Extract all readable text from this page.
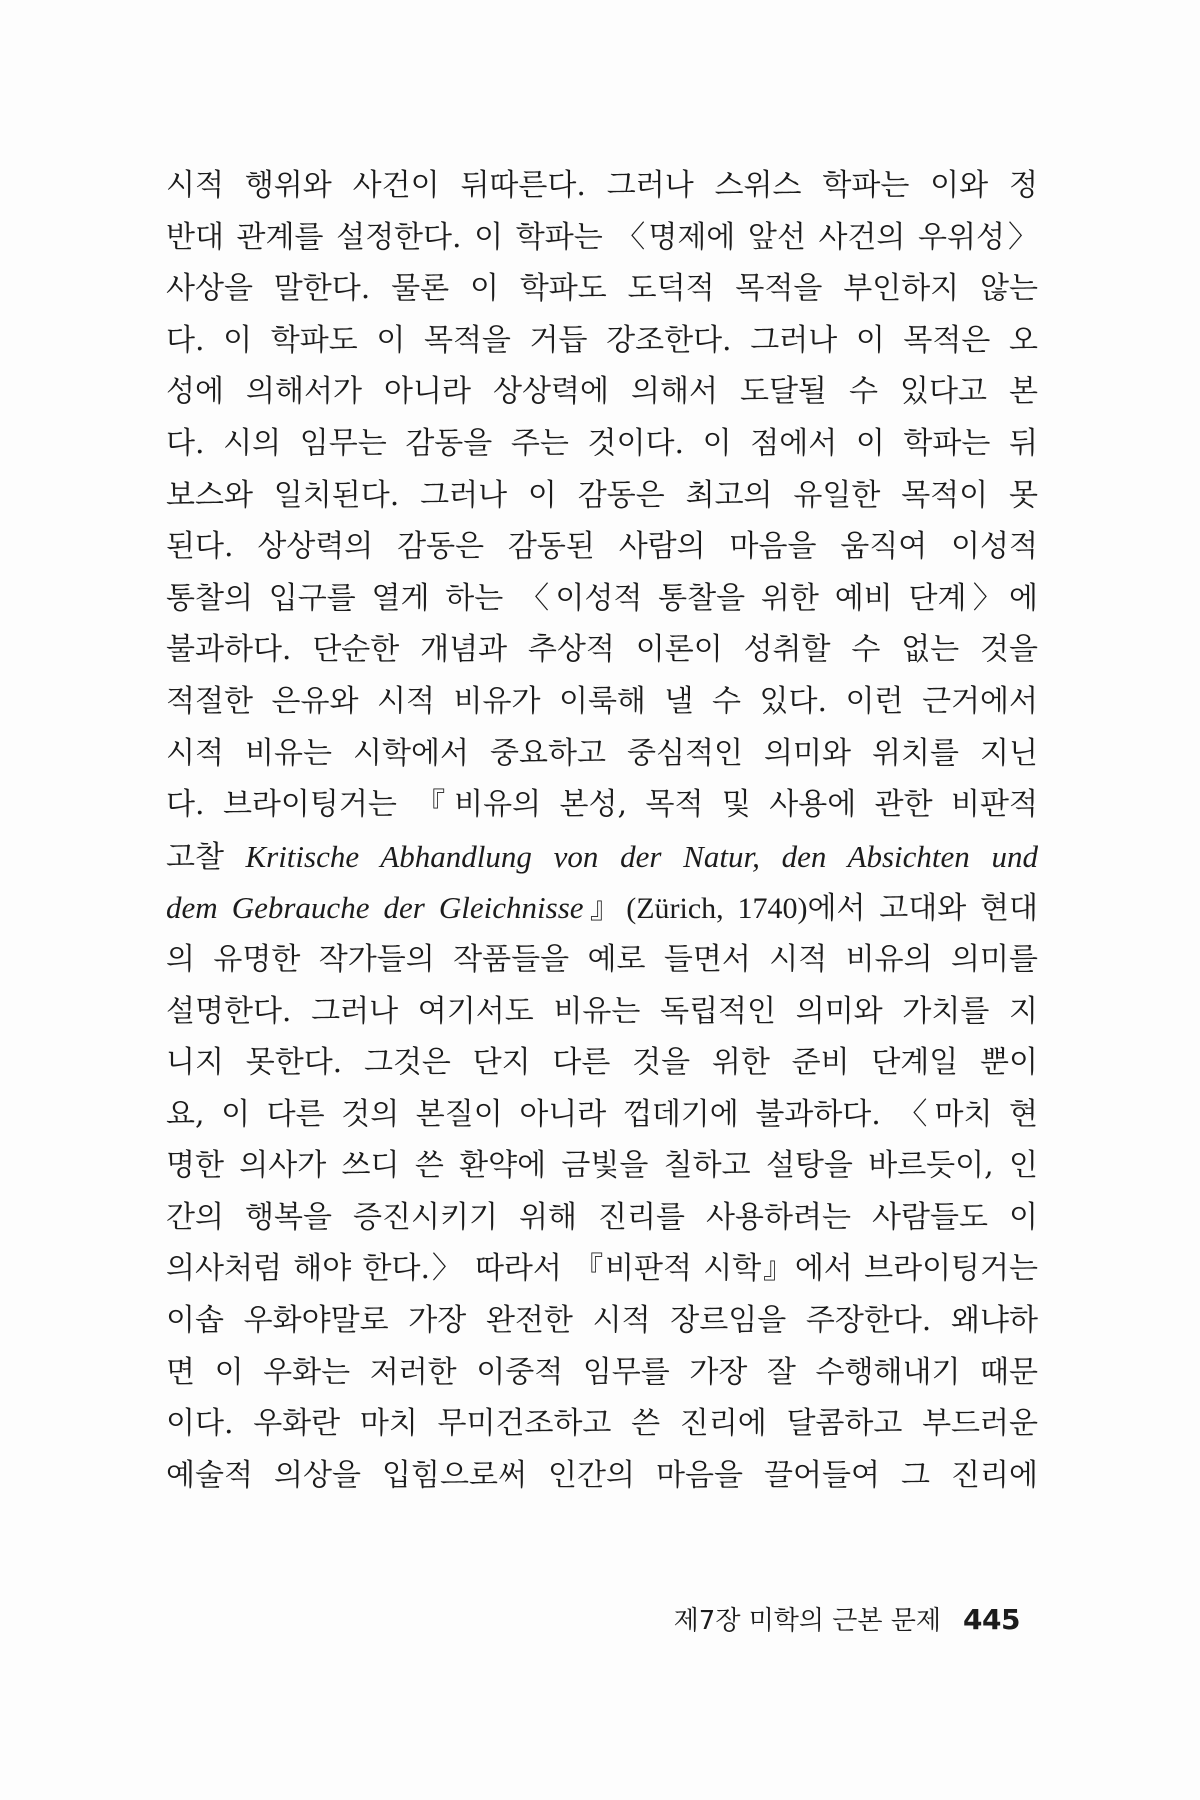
시적 행위와 사건이 뒤따른다. 그러나 스위스 학파는 이와 정
반대 관계를 설정한다. 이 학파는 〈명제에 앞선 사건의 우위성〉
사상을 말한다. 물론 이 학파도 도덕적 목적을 부인하지 않는
다. 이 학파도 이 목적을 거듭 강조한다. 그러나 이 목적은 오
성에 의해서가 아니라 상상력에 의해서 도달될 수 있다고 본
다. 시의 임무는 감동을 주는 것이다. 이 점에서 이 학파는 뒤
보스와 일치된다. 그러나 이 감동은 최고의 유일한 목적이 못
된다. 상상력의 감동은 감동된 사람의 마음을 움직여 이성적
통찰의 입구를 열게 하는 〈이성적 통찰을 위한 예비 단계〉에
불과하다. 단순한 개념과 추상적 이론이 성취할 수 없는 것을
적절한 은유와 시적 비유가 이룩해 낼 수 있다. 이런 근거에서
시적 비유는 시학에서 중요하고 중심적인 의미와 위치를 지닌
다. 브라이팅거는 『비유의 본성, 목적 및 사용에 관한 비판적
고찰 Kritische Abhandlung von der Natur, den Absichten und
dem Gebrauche der Gleichnisse』(Zürich, 1740)에서 고대와 현대
의 유명한 작가들의 작품들을 예로 들면서 시적 비유의 의미를
설명한다. 그러나 여기서도 비유는 독립적인 의미와 가치를 지
니지 못한다. 그것은 단지 다른 것을 위한 준비 단계일 뿐이
요, 이 다른 것의 본질이 아니라 껍데기에 불과하다. 〈마치 현
명한 의사가 쓰디 쓴 환약에 금빛을 칠하고 설탕을 바르듯이, 인
간의 행복을 증진시키기 위해 진리를 사용하려는 사람들도 이
의사처럼 해야 한다.〉 따라서 『비판적 시학』에서 브라이팅거는
이솝 우화야말로 가장 완전한 시적 장르임을 주장한다. 왜냐하
면 이 우화는 저러한 이중적 임무를 가장 잘 수행해내기 때문
이다. 우화란 마치 무미건조하고 쓴 진리에 달콤하고 부드러운
예술적 의상을 입힘으로써 인간의 마음을 끌어들여 그 진리에
제7장 미학의 근본 문제 445
